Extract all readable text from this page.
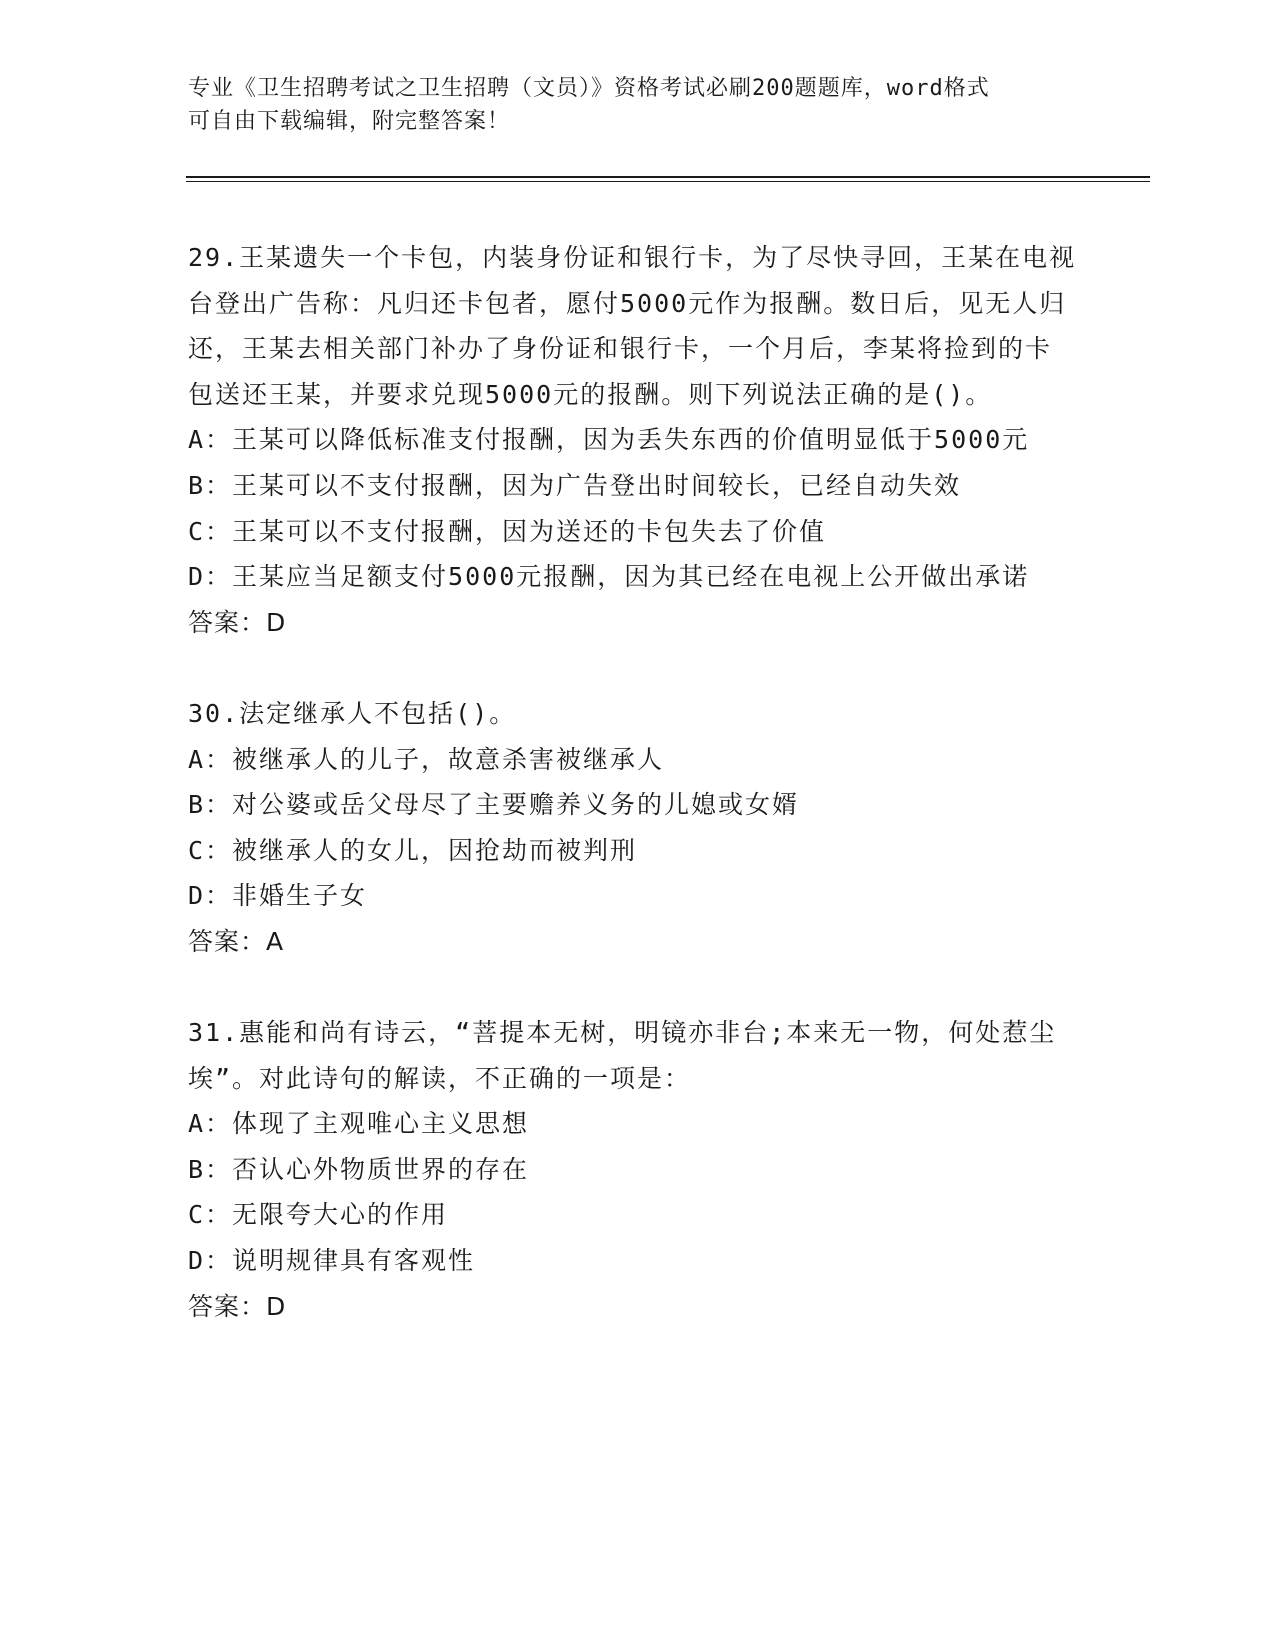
专业《卫生招聘考试之卫生招聘（文员）》资格考试必刷200题题库，word格式
可自由下载编辑，附完整答案！

29.王某遗失一个卡包，内装身份证和银行卡，为了尽快寻回，王某在电视台登出广告称：凡归还卡包者，愿付5000元作为报酬。数日后，见无人归还，王某去相关部门补办了身份证和银行卡，一个月后，李某将捡到的卡包送还王某，并要求兑现5000元的报酬。则下列说法正确的是()。

A：王某可以降低标准支付报酬，因为丢失东西的价值明显低于5000元

B：王某可以不支付报酬，因为广告登出时间较长，已经自动失效

C：王某可以不支付报酬，因为送还的卡包失去了价值

D：王某应当足额支付5000元报酬，因为其已经在电视上公开做出承诺

答案：D

30.法定继承人不包括()。

A：被继承人的儿子，故意杀害被继承人

B：对公婆或岳父母尽了主要赡养义务的儿媳或女婿

C：被继承人的女儿，因抢劫而被判刑

D：非婚生子女

答案：A

31.惠能和尚有诗云，“菩提本无树，明镜亦非台;本来无一物，何处惹尘埃”。对此诗句的解读，不正确的一项是：

A：体现了主观唯心主义思想

B：否认心外物质世界的存在

C：无限夸大心的作用

D：说明规律具有客观性

答案：D
